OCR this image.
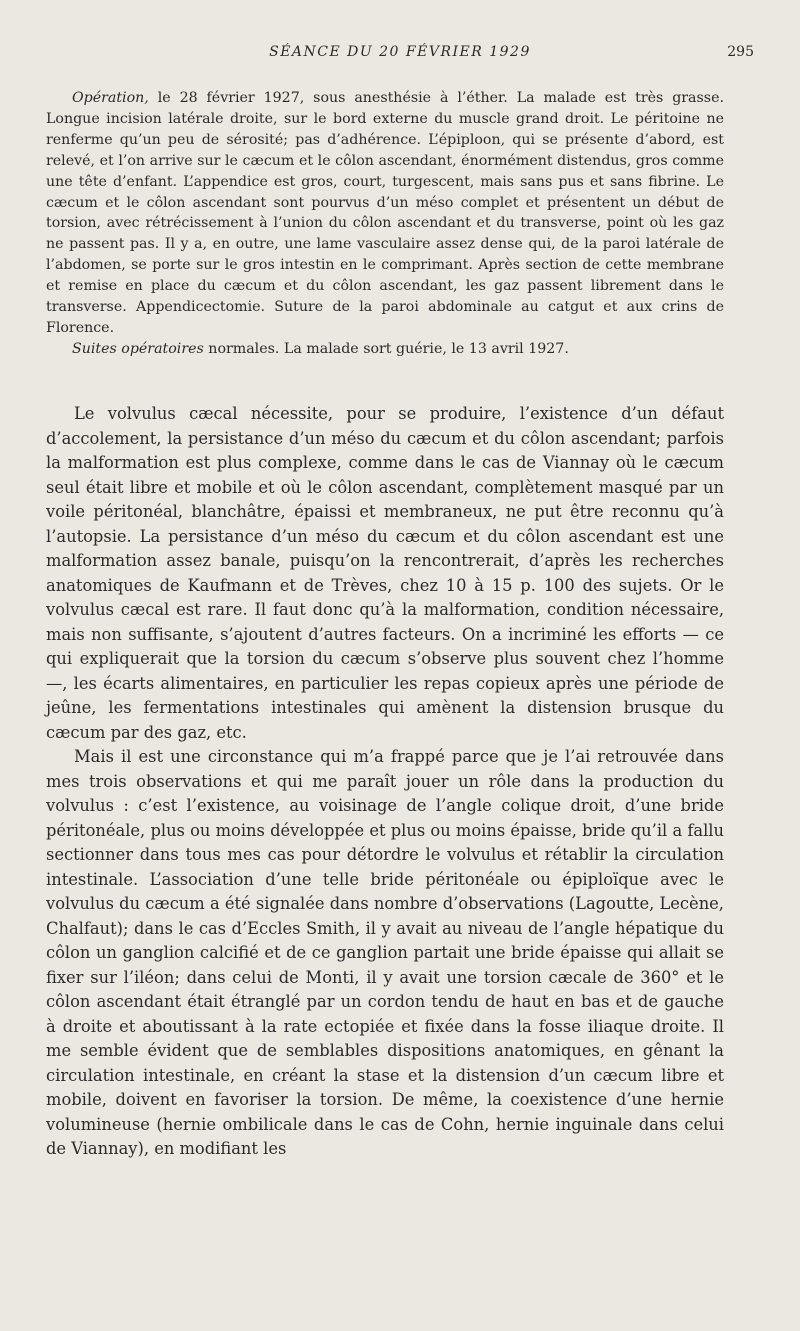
SÉANCE DU 20 FÉVRIER 1929	295

Opération, le 28 février 1927, sous anesthésie à l’éther. La malade est très grasse. Longue incision latérale droite, sur le bord externe du muscle grand droit. Le péritoine ne renferme qu’un peu de sérosité; pas d’adhérence. L’épiploon, qui se présente d’abord, est relevé, et l’on arrive sur le cæcum et le côlon ascendant, énormément distendus, gros comme une tête d’enfant. L’appendice est gros, court, turgescent, mais sans pus et sans fibrine. Le cæcum et le côlon ascendant sont pourvus d’un méso complet et présentent un début de torsion, avec rétrécissement à l’union du côlon ascendant et du transverse, point où les gaz ne passent pas. Il y a, en outre, une lame vasculaire assez dense qui, de la paroi latérale de l’abdomen, se porte sur le gros intestin en le comprimant. Après section de cette membrane et remise en place du cæcum et du côlon ascendant, les gaz passent librement dans le transverse. Appendicectomie. Suture de la paroi abdominale au catgut et aux crins de Florence.

Suites opératoires normales. La malade sort guérie, le 13 avril 1927.

Le volvulus cæcal nécessite, pour se produire, l’existence d’un défaut d’accolement, la persistance d’un méso du cæcum et du côlon ascendant; parfois la malformation est plus complexe, comme dans le cas de Viannay où le cæcum seul était libre et mobile et où le côlon ascendant, complètement masqué par un voile péritonéal, blanchâtre, épaissi et membraneux, ne put être reconnu qu’à l’autopsie. La persistance d’un méso du cæcum et du côlon ascendant est une malformation assez banale, puisqu’on la rencontrerait, d’après les recherches anatomiques de Kaufmann et de Trèves, chez 10 à 15 p. 100 des sujets. Or le volvulus cæcal est rare. Il faut donc qu’à la malformation, condition nécessaire, mais non suffisante, s’ajoutent d’autres facteurs. On a incriminé les efforts — ce qui expliquerait que la torsion du cæcum s’observe plus souvent chez l’homme —, les écarts alimentaires, en particulier les repas copieux après une période de jeûne, les fermentations intestinales qui amènent la distension brusque du cæcum par des gaz, etc.

Mais il est une circonstance qui m’a frappé parce que je l’ai retrouvée dans mes trois observations et qui me paraît jouer un rôle dans la production du volvulus : c’est l’existence, au voisinage de l’angle colique droit, d’une bride péritonéale, plus ou moins développée et plus ou moins épaisse, bride qu’il a fallu sectionner dans tous mes cas pour détordre le volvulus et rétablir la circulation intestinale. L’association d’une telle bride péritonéale ou épiploïque avec le volvulus du cæcum a été signalée dans nombre d’observations (Lagoutte, Lecène, Chalfaut); dans le cas d’Eccles Smith, il y avait au niveau de l’angle hépatique du côlon un ganglion calcifié et de ce ganglion partait une bride épaisse qui allait se fixer sur l’iléon; dans celui de Monti, il y avait une torsion cæcale de 360° et le côlon ascendant était étranglé par un cordon tendu de haut en bas et de gauche à droite et aboutissant à la rate ectopiée et fixée dans la fosse iliaque droite. Il me semble évident que de semblables dispositions anatomiques, en gênant la circulation intestinale, en créant la stase et la distension d’un cæcum libre et mobile, doivent en favoriser la torsion. De même, la coexistence d’une hernie volumineuse (hernie ombilicale dans le cas de Cohn, hernie inguinale dans celui de Viannay), en modifiant les
